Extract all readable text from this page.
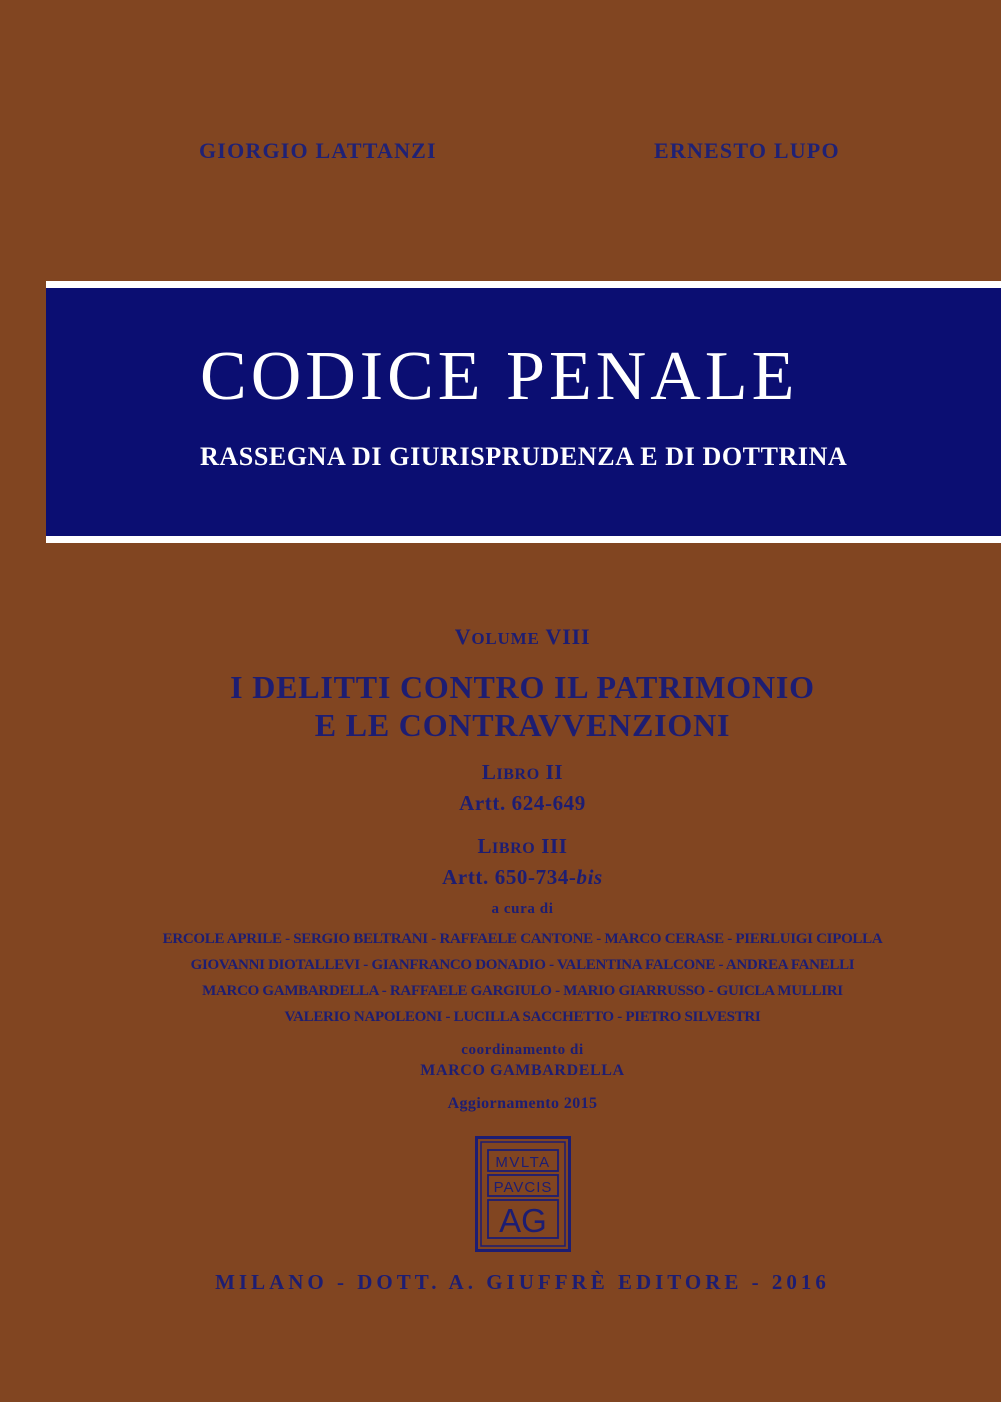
GIORGIO LATTANZI	ERNESTO LUPO
CODICE PENALE
RASSEGNA DI GIURISPRUDENZA E DI DOTTRINA
VOLUME VIII
I DELITTI CONTRO IL PATRIMONIO
E LE CONTRAVVENZIONI
LIBRO II
Artt. 624-649
LIBRO III
Artt. 650-734-bis
a cura di
ERCOLE APRILE - SERGIO BELTRANI - RAFFAELE CANTONE - MARCO CERASE - PIERLUIGI CIPOLLA
GIOVANNI DIOTALLEVI - GIANFRANCO DONADIO - VALENTINA FALCONE - ANDREA FANELLI
MARCO GAMBARDELLA - RAFFAELE GARGIULO - MARIO GIARRUSSO - GUICLA MULLIRI
VALERIO NAPOLEONI - LUCILLA SACCHETTO - PIETRO SILVESTRI
coordinamento di
MARCO GAMBARDELLA
Aggiornamento 2015
MVLTA
PAVCIS
AG
MILANO - DOTT. A. GIUFFRÈ EDITORE - 2016
